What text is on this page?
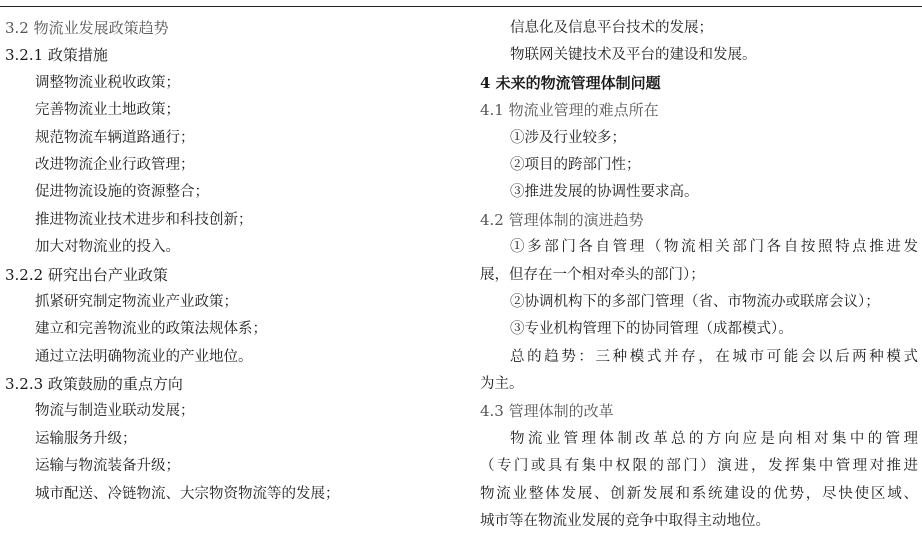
3.2 物流业发展政策趋势
3.2.1 政策措施
调整物流业税收政策；
完善物流业土地政策；
规范物流车辆道路通行；
改进物流企业行政管理；
促进物流设施的资源整合；
推进物流业技术进步和科技创新；
加大对物流业的投入。
3.2.2 研究出台产业政策
抓紧研究制定物流业产业政策；
建立和完善物流业的政策法规体系；
通过立法明确物流业的产业地位。
3.2.3 政策鼓励的重点方向
物流与制造业联动发展；
运输服务升级；
运输与物流装备升级；
城市配送、冷链物流、大宗物资物流等的发展；
信息化及信息平台技术的发展；
物联网关键技术及平台的建设和发展。
4 未来的物流管理体制问题
4.1 物流业管理的难点所在
①涉及行业较多；
②项目的跨部门性；
③推进发展的协调性要求高。
4.2 管理体制的演进趋势
①多部门各自管理（物流相关部门各自按照特点推进发
展，但存在一个相对牵头的部门）；
②协调机构下的多部门管理（省、市物流办或联席会议）；
③专业机构管理下的协同管理（成都模式）。
总的趋势：三种模式并存，在城市可能会以后两种模式
为主。
4.3 管理体制的改革
物流业管理体制改革总的方向应是向相对集中的管理
（专门或具有集中权限的部门）演进，发挥集中管理对推进
物流业整体发展、创新发展和系统建设的优势，尽快使区域、
城市等在物流业发展的竞争中取得主动地位。
